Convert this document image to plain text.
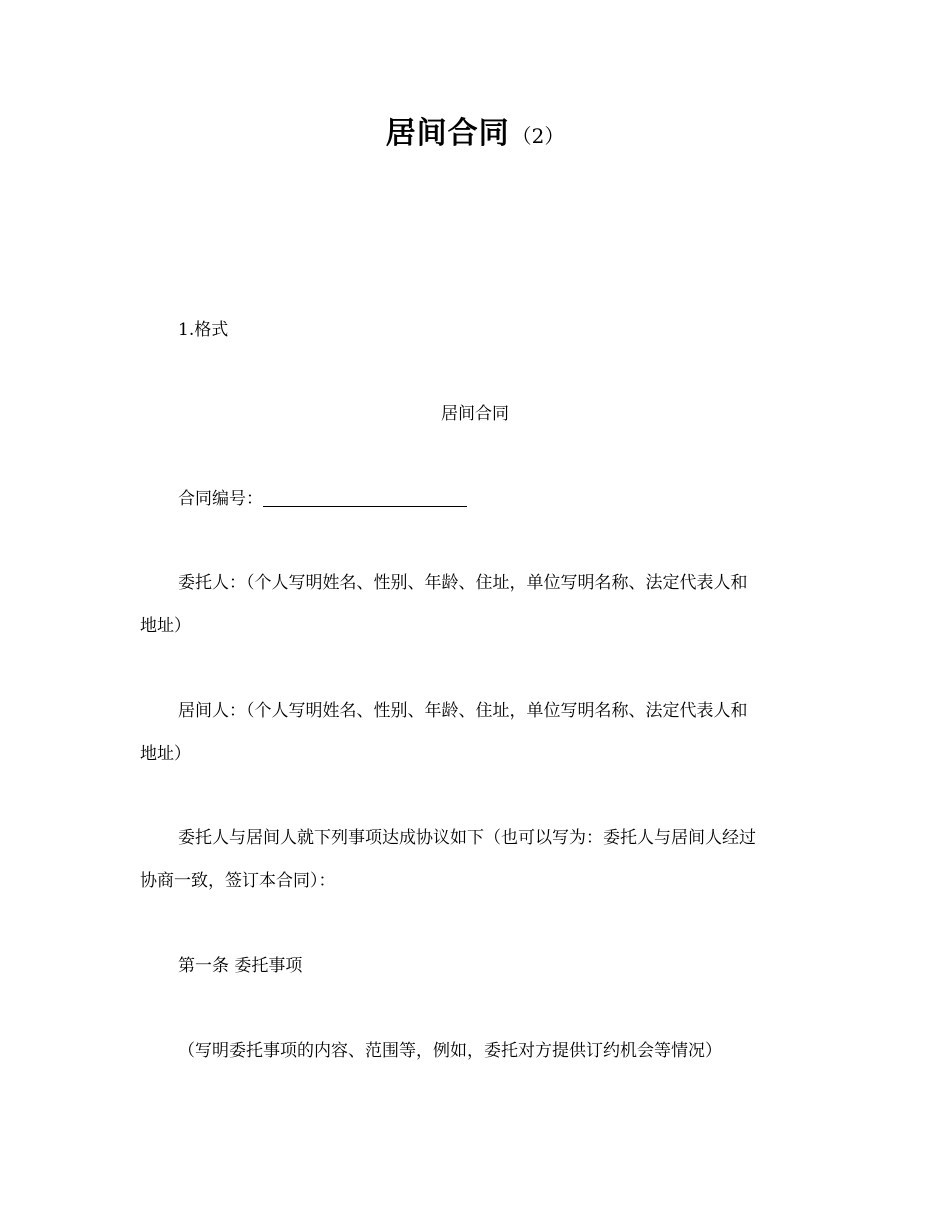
居间合同 （2）
1.格式
居间合同
合同编号：
委托人：（个人写明姓名、性别、年龄、住址，单位写明名称、法定代表人和
地址）
居间人：（个人写明姓名、性别、年龄、住址，单位写明名称、法定代表人和
地址）
委托人与居间人就下列事项达成协议如下（也可以写为：委托人与居间人经过
协商一致，签订本合同）：
第一条 委托事项
（写明委托事项的内容、范围等，例如，委托对方提供订约机会等情况）
